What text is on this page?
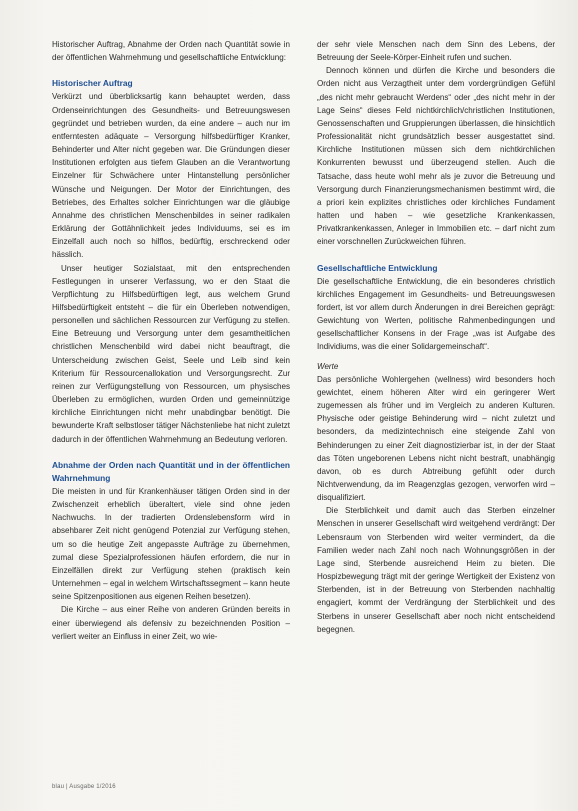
Historischer Auftrag, Abnahme der Orden nach Quantität sowie in der öffentlichen Wahrnehmung und gesellschaftliche Entwicklung:

Historischer Auftrag

Verkürzt und überblicksartig kann behauptet werden, dass Ordenseinrichtungen des Gesundheits- und Betreuungswesen gegründet und betrieben wurden, da eine andere – auch nur im entferntesten adäquate – Versorgung hilfsbedürftiger Kranker, Behinderter und Alter nicht gegeben war. Die Gründungen dieser Institutionen erfolgten aus tiefem Glauben an die Verantwortung Einzelner für Schwächere unter Hintanstellung persönlicher Wünsche und Neigungen. Der Motor der Einrichtungen, des Betriebes, des Erhaltes solcher Einrichtungen war die gläubige Annahme des christlichen Menschenbildes in seiner radikalen Erklärung der Gottähnlichkeit jedes Individuums, sei es im Einzelfall auch noch so hilflos, bedürftig, erschreckend oder hässlich.

Unser heutiger Sozialstaat, mit den entsprechenden Festlegungen in unserer Verfassung, wo er den Staat die Verpflichtung zu Hilfsbedürftigen legt, aus welchem Grund Hilfsbedürftigkeit entsteht – die für ein Überleben notwendigen, personellen und sächlichen Ressourcen zur Verfügung zu stellen. Eine Betreuung und Versorgung unter dem gesamtheitlichen christlichen Menschenbild wird dabei nicht beauftragt, die Unterscheidung zwischen Geist, Seele und Leib sind kein Kriterium für Ressourcenallokation und Versorgungsrecht. Zur reinen zur Verfügungstellung von Ressourcen, um physisches Überleben zu ermöglichen, wurden Orden und gemeinnützige kirchliche Einrichtungen nicht mehr unabdingbar benötigt. Die bewunderte Kraft selbstloser tätiger Nächstenliebe hat nicht zuletzt dadurch in der öffentlichen Wahrnehmung an Bedeutung verloren.

Abnahme der Orden nach Quantität und in der öffentlichen Wahrnehmung

Die meisten in und für Krankenhäuser tätigen Orden sind in der Zwischenzeit erheblich überaltert, viele sind ohne jeden Nachwuchs. In der tradierten Ordenslebensform wird in absehbarer Zeit nicht genügend Potenzial zur Verfügung stehen, um so die heutige Zeit angepasste Aufträge zu übernehmen, zumal diese Spezialprofessionen häufen erfordern, die nur in Einzelfällen direkt zur Verfügung stehen (praktisch kein Unternehmen – egal in welchem Wirtschaftssegment – kann heute seine Spitzenpositionen aus eigenen Reihen besetzen).

Die Kirche – aus einer Reihe von anderen Gründen bereits in einer überwiegend als defensiv zu bezeichnenden Position – verliert weiter an Einfluss in einer Zeit, wo wie-

der sehr viele Menschen nach dem Sinn des Lebens, der Betreuung der Seele-Körper-Einheit rufen und suchen.

Dennoch können und dürfen die Kirche und besonders die Orden nicht aus Verzagtheit unter dem vordergründigen Gefühl „des nicht mehr gebraucht Werdens“ oder „des nicht mehr in der Lage Seins“ dieses Feld nichtkirchlich/christlichen Institutionen, Genossenschaften und Gruppierungen überlassen, die hinsichtlich Professionalität nicht grundsätzlich besser ausgestattet sind. Kirchliche Institutionen müssen sich dem nichtkirchlichen Konkurrenten bewusst und überzeugend stellen. Auch die Tatsache, dass heute wohl mehr als je zuvor die Betreuung und Versorgung durch Finanzierungsmechanismen bestimmt wird, die a priori kein explizites christliches oder kirchliches Fundament hatten und haben – wie gesetzliche Krankenkassen, Privatkrankenkassen, Anleger in Immobilien etc. – darf nicht zum einer vorschnellen Zurückweichen führen.

Gesellschaftliche Entwicklung

Die gesellschaftliche Entwicklung, die ein besonderes christlich kirchliches Engagement im Gesundheits- und Betreuungswesen fordert, ist vor allem durch Änderungen in drei Bereichen geprägt: Gewichtung von Werten, politische Rahmenbedingungen und gesellschaftlicher Konsens in der Frage „was ist Aufgabe des Individiums, was die einer Solidargemeinschaft“.

Werte

Das persönliche Wohlergehen (wellness) wird besonders hoch gewichtet, einem höheren Alter wird ein geringerer Wert zugemessen als früher und im Vergleich zu anderen Kulturen. Physische oder geistige Behinderung wird – nicht zuletzt und besonders, da medizintechnisch eine steigende Zahl von Behinderungen zu einer Zeit diagnostizierbar ist, in der der Staat das Töten ungeborenen Lebens nicht nicht bestraft, unabhängig davon, ob es durch Abtreibung gefühlt oder durch Nichtverwendung, da im Reagenzglas gezogen, verworfen wird – disqualifiziert.

Die Sterblichkeit und damit auch das Sterben einzelner Menschen in unserer Gesellschaft wird weitgehend verdrängt: Der Lebensraum von Sterbenden wird weiter vermindert, da die Familien weder nach Zahl noch nach Wohnungsgrößen in der Lage sind, Sterbende ausreichend Heim zu bieten. Die Hospizbewegung trägt mit der geringe Wertigkeit der Existenz von Sterbenden, ist in der Betreuung von Sterbenden nachhaltig engagiert, kommt der Verdrängung der Sterblichkeit und des Sterbens in unserer Gesellschaft aber noch nicht entscheidend begegnen.

blau | Ausgabe 1/2016
